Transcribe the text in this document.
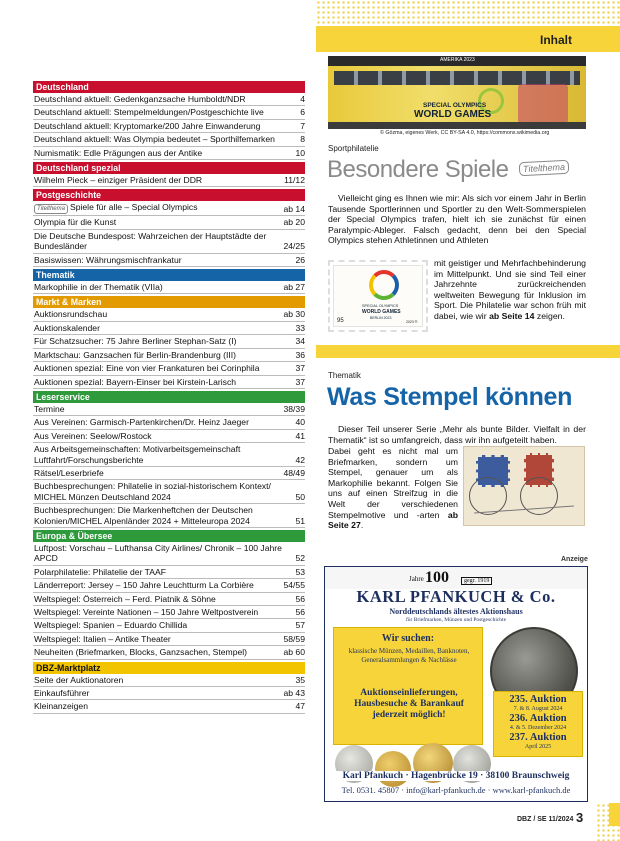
Inhalt
Deutschland
Deutschland aktuell: Gedenkganzsache Humboldt/NDR	4
Deutschland aktuell: Stempelmeldungen/Postgeschichte live	6
Deutschland aktuell: Kryptomarke/200 Jahre Einwanderung	7
Deutschland aktuell: Was Olympia bedeutet – Sporthilfemarken	8
Numismatik: Edle Prägungen aus der Antike	10
Deutschland spezial
Wilhelm Pieck – einziger Präsident der DDR	11/12
Postgeschichte
Titelthema Spiele für alle – Special Olympics	ab 14
Olympia für die Kunst	ab 20
Die Deutsche Bundespost: Wahrzeichen der Hauptstädte der Bundesländer	24/25
Basiswissen: Währungsmischfrankatur	26
Thematik
Markophilie in der Thematik (VIIa)	ab 27
Markt & Marken
Auktionsrundschau	ab 30
Auktionskalender	33
Für Schatzsucher: 75 Jahre Berliner Stephan-Satz (I)	34
Marktschau: Ganzsachen für Berlin-Brandenburg (III)	36
Auktionen spezial: Eine von vier Frankaturen bei Corinphila	37
Auktionen spezial: Bayern-Einser bei Kirstein-Larisch	37
Leserservice
Termine	38/39
Aus Vereinen: Garmisch-Partenkirchen/Dr. Heinz Jaeger	40
Aus Vereinen: Seelow/Rostock	41
Aus Arbeitsgemeinschaften: Motivarbeitsgemeinschaft Luftfahrt/Forschungsberichte	42
Rätsel/Leserbriefe	48/49
Buchbesprechungen: Philatelie in sozial-historischem Kontext/ MICHEL Münzen Deutschland 2024	50
Buchbesprechungen: Die Markenheftchen der Deutschen Kolonien/MICHEL Alpenländer 2024 + Mitteleuropa 2024	51
Europa & Übersee
Luftpost: Vorschau – Lufthansa City Airlines/ Chronik – 100 Jahre APCD	52
Polarphilatelie: Philatelie der TAAF	53
Länderreport: Jersey – 150 Jahre Leuchtturm La Corbière	54/55
Weltspiegel: Österreich – Ferd. Piatnik & Söhne	56
Weltspiegel: Vereinte Nationen – 150 Jahre Weltpostverein	56
Weltspiegel: Spanien – Eduardo Chillida	57
Weltspiegel: Italien – Antike Theater	58/59
Neuheiten (Briefmarken, Blocks, Ganzsachen, Stempel)	ab 60
DBZ-Marktplatz
Seite der Auktionatoren	35
Einkaufsführer	ab 43
Kleinanzeigen	47
AMERIKA 2023
SPECIAL OLYMPICS
WORLD GAMES
© Gözma, eigenes Werk, CC BY-SA 4.0, https://commons.wikimedia.org
Sportphilatelie
Besondere Spiele	Titelthema
Vielleicht ging es Ihnen wie mir: Als sich vor einem Jahr in Berlin Tausende Sportlerinnen und Sportler zu den Welt-Sommerspielen der Special Olympics trafen, hielt ich sie zunächst für einen Paralympic-Ableger. Falsch gedacht, denn bei den Special Olympics stehen Athletinnen und Athleten
SPECIAL OLYMPICS
WORLD GAMES
BERLIN 2023
95	2023 ®
mit geistiger und Mehrfachbehinderung im Mittelpunkt. Und sie sind Teil einer Jahrzehnte zurückreichenden weltweiten Bewegung für Inklusion im Sport. Die Philatelie war schon früh mit dabei, wie wir ab Seite 14 zeigen.
Thematik
Was Stempel können
Dieser Teil unserer Serie „Mehr als bunte Bilder. Vielfalt in der Thematik“ ist so umfangreich, dass wir ihn aufgeteilt haben.
Dabei geht es nicht mal um Briefmarken, sondern um Stempel, genauer um als Markophilie bekannt. Folgen Sie uns auf einen Streifzug in die Welt der verschiedenen Stempelmotive und -arten ab Seite 27.
Anzeige
100
Jahre	gegr. 1919
KARL PFANKUCH & Co.
Norddeutschlands ältestes Aktionshaus
für Briefmarken, Münzen und Postgeschichte
Wir suchen:
klassische Münzen, Medaillen, Banknoten, Generalsammlungen & Nachlässe
Auktionseinlieferungen, Hausbesuche & Barankauf jederzeit möglich!
235. Auktion
7. & 8. August 2024
236. Auktion
4. & 5. Dezember 2024
237. Auktion
April 2025
Karl Pfankuch · Hagenbrücke 19 · 38100 Braunschweig
Tel. 0531. 45807 · info@karl-pfankuch.de · www.karl-pfankuch.de
DBZ / SE 11/2024 3
